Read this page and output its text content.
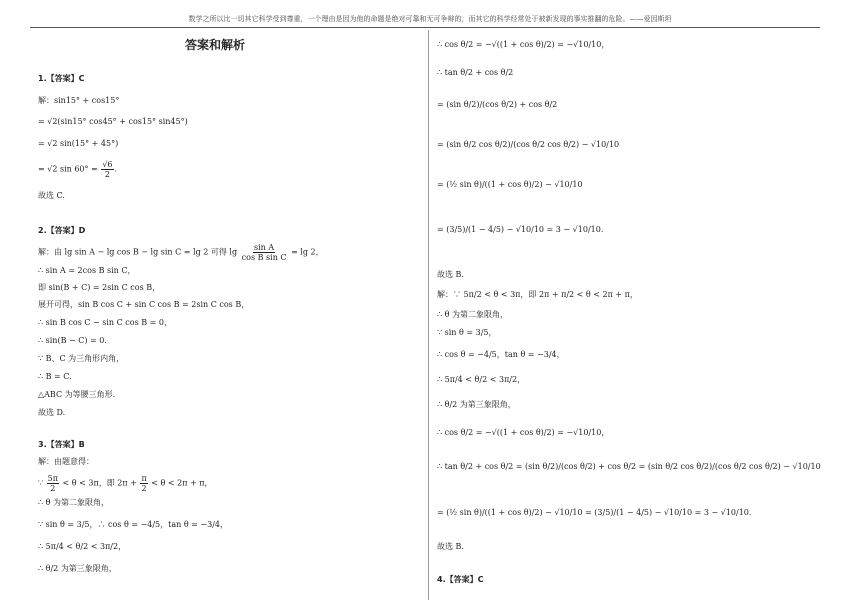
数学之所以比一切其它科学受到尊重，一个理由是因为他的命题是绝对可靠和无可争辩的，而其它的科学经常处于被新发现的事实推翻的危险。——爱因斯坦
答案和解析
1.【答案】C
解：sin15° + cos15°
= √2(sin15° cos45° + cos15° sin45°)
= √2 sin(15° + 45°)
= √2 $\sin 60^\circ = \frac{√6}{2}$ .
故选 C.
2.【答案】D
解：由 lg sin A − lg cos B − lg sin C = lg 2 可得 $\lg \frac{\text{sin A}}{\text{cos B sin C}} = \lg 2$，
∴ sin A = 2cos B sin C，
即 sin(B + C) = 2sin C cos B，
展开可得，sin B cos C + sin C cos B = 2sin C cos B，
∴ sin B cos C − sin C cos B = 0，
∴ sin(B − C) = 0.
∵ B、C 为三角形内角，
∴ B = C.
△ABC 为等腰三角形.
故选 D.
3.【答案】B
解：由题意得：
∵ $\frac{5\pi}{2} < \theta < 3\pi$，即 $2\pi + \frac{\pi}{2} < \theta < 2\pi + \pi$，
∴ θ 为第二象限角，
∵ sin θ = 3/5，∴ cos θ = −4/5，tan θ = −3/4，
∴ 5π/4 < θ/2 < 3π/2，
∴ θ/2 为第三象限角，
∴ cos θ/2 = −√((1 + cos θ)/2) = −√10/10，
∴ tan θ/2 + cos θ/2
= (sin θ/2)/(cos θ/2) + cos θ/2
= (sin θ/2 cos θ/2)/(cos θ/2 cos θ/2) − √10/10
= (½ sin θ)/((1 + cos θ)/2) − √10/10
= (3/5)/(1 − 4/5) − √10/10 = 3 − √10/10.
故选 B.
解：∵ 5π/2 < θ < 3π，即 2π + π/2 < θ < 2π + π，
∴ θ 为第二象限角，
∵ sin θ = 3/5，
∴ cos θ = −4/5，tan θ = −3/4，
∴ 5π/4 < θ/2 < 3π/2，
∴ θ/2 为第三象限角，
∴ cos θ/2 = −√((1 + cos θ)/2) = −√10/10，
∴ tan θ/2 + cos θ/2 = (sin θ/2)/(cos θ/2) + cos θ/2 = (sin θ/2 cos θ/2)/(cos θ/2 cos θ/2) − √10/10
= (½ sin θ)/((1 + cos θ)/2) − √10/10 = (3/5)/(1 − 4/5) − √10/10 = 3 − √10/10.
故选 B.
4.【答案】C
